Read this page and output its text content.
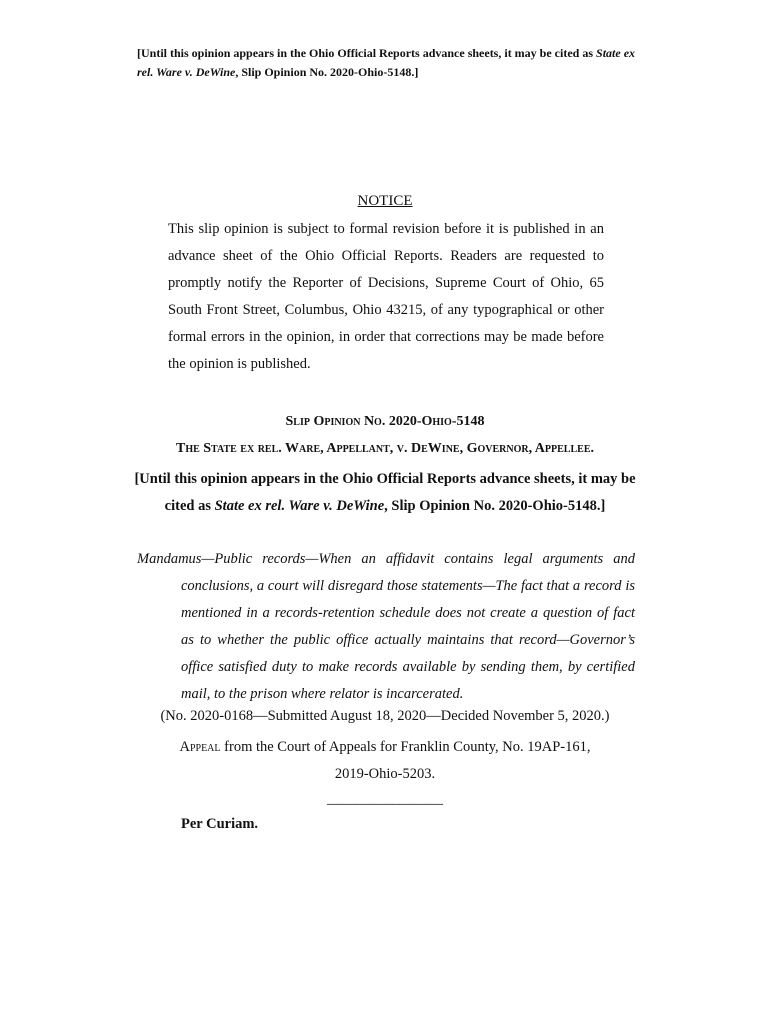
[Until this opinion appears in the Ohio Official Reports advance sheets, it may be cited as State ex rel. Ware v. DeWine, Slip Opinion No. 2020-Ohio-5148.]
NOTICE
This slip opinion is subject to formal revision before it is published in an advance sheet of the Ohio Official Reports. Readers are requested to promptly notify the Reporter of Decisions, Supreme Court of Ohio, 65 South Front Street, Columbus, Ohio 43215, of any typographical or other formal errors in the opinion, in order that corrections may be made before the opinion is published.
Slip Opinion No. 2020-Ohio-5148
The State ex rel. Ware, Appellant, v. DeWine, Governor, Appellee.
[Until this opinion appears in the Ohio Official Reports advance sheets, it may be cited as State ex rel. Ware v. DeWine, Slip Opinion No. 2020-Ohio-5148.]
Mandamus—Public records—When an affidavit contains legal arguments and
conclusions, a court will disregard those statements—The fact that a record is mentioned in a records-retention schedule does not create a question of fact as to whether the public office actually maintains that record—Governor’s office satisfied duty to make records available by sending them, by certified mail, to the prison where relator is incarcerated.
(No. 2020-0168—Submitted August 18, 2020—Decided November 5, 2020.)
Appeal from the Court of Appeals for Franklin County, No. 19AP-161,
2019-Ohio-5203.
________________
Per Curiam.
